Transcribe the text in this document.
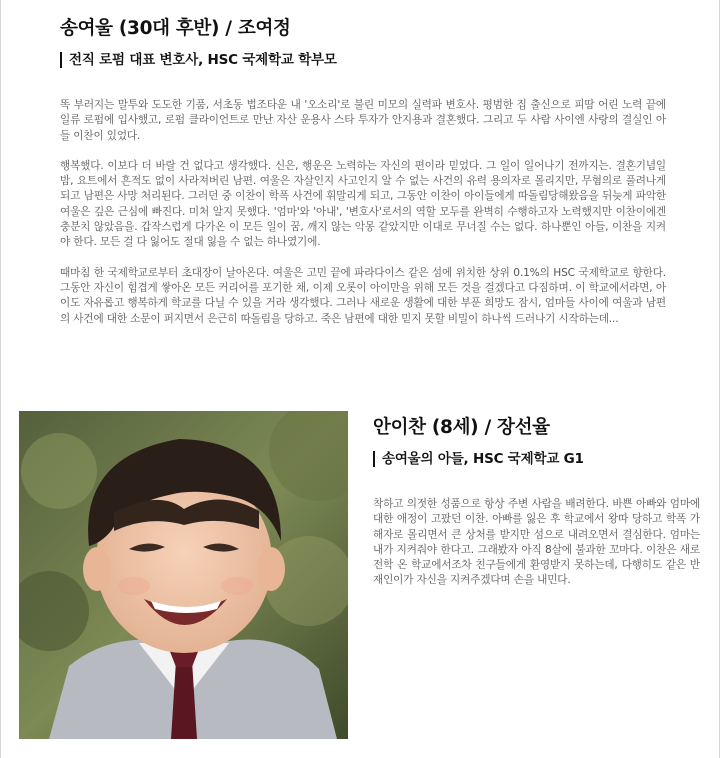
송여울 (30대 후반) / 조여정
전직 로펌 대표 변호사, HSC 국제학교 학부모

똑 부러지는 말투와 도도한 기품, 서초동 법조타운 내 '오소리'로 불린 미모의 실력파 변호사. 평범한 집 출신으로 피땀 어린 노력 끝에 일류 로펌에 입사했고, 로펌 클라이언트로 만난 자산 운용사 스타 투자가 안지용과 결혼했다. 그리고 두 사람 사이엔 사랑의 결실인 아들 이찬이 있었다.

행복했다. 이보다 더 바랄 건 없다고 생각했다. 신은, 행운은 노력하는 자신의 편이라 믿었다. 그 일이 일어나기 전까지는. 결혼기념일 밤, 요트에서 흔적도 없이 사라져버린 남편. 여울은 자살인지 사고인지 알 수 없는 사건의 유력 용의자로 몰리지만, 무혐의로 풀려나게 되고 남편은 사망 처리된다. 그러던 중 이찬이 학폭 사건에 휘말리게 되고, 그동안 이찬이 아이들에게 따돌림당해왔음을 뒤늦게 파악한 여울은 깊은 근심에 빠진다. 미처 알지 못했다. '엄마'와 '아내', '변호사'로서의 역할 모두를 완벽히 수행하고자 노력했지만 이찬이에겐 충분치 않았음을. 갑작스럽게 다가온 이 모든 일이 꿈, 깨지 않는 악몽 같았지만 이대로 무너질 수는 없다. 하나뿐인 아들, 이찬을 지켜야 한다. 모든 걸 다 잃어도 절대 잃을 수 없는 하나였기에.

때마침 한 국제학교로부터 초대장이 날아온다. 여울은 고민 끝에 파라다이스 같은 섬에 위치한 상위 0.1%의 HSC 국제학교로 향한다. 그동안 자신이 힘겹게 쌓아온 모든 커리어를 포기한 채, 이제 오롯이 아이만을 위해 모든 것을 걸겠다고 다짐하며. 이 학교에서라면, 아이도 자유롭고 행복하게 학교를 다닐 수 있을 거라 생각했다. 그러나 새로운 생활에 대한 부푼 희망도 잠시, 엄마들 사이에 여울과 남편의 사건에 대한 소문이 퍼지면서 은근히 따돌림을 당하고. 죽은 남편에 대한 믿지 못할 비밀이 하나씩 드러나기 시작하는데...

안이찬 (8세) / 장선율
송여울의 아들, HSC 국제학교 G1

착하고 의젓한 성품으로 항상 주변 사람을 배려한다. 바쁜 아빠와 엄마에 대한 애정이 고팠던 이찬. 아빠를 잃은 후 학교에서 왕따 당하고 학폭 가해자로 몰리면서 큰 상처를 받지만 섬으로 내려오면서 결심한다. 엄마는 내가 지켜줘야 한다고. 그래봤자 아직 8살에 불과한 꼬마다. 이찬은 새로 전학 온 학교에서조차 친구들에게 환영받지 못하는데, 다행히도 같은 반 재인이가 자신을 지켜주겠다며 손을 내민다.
